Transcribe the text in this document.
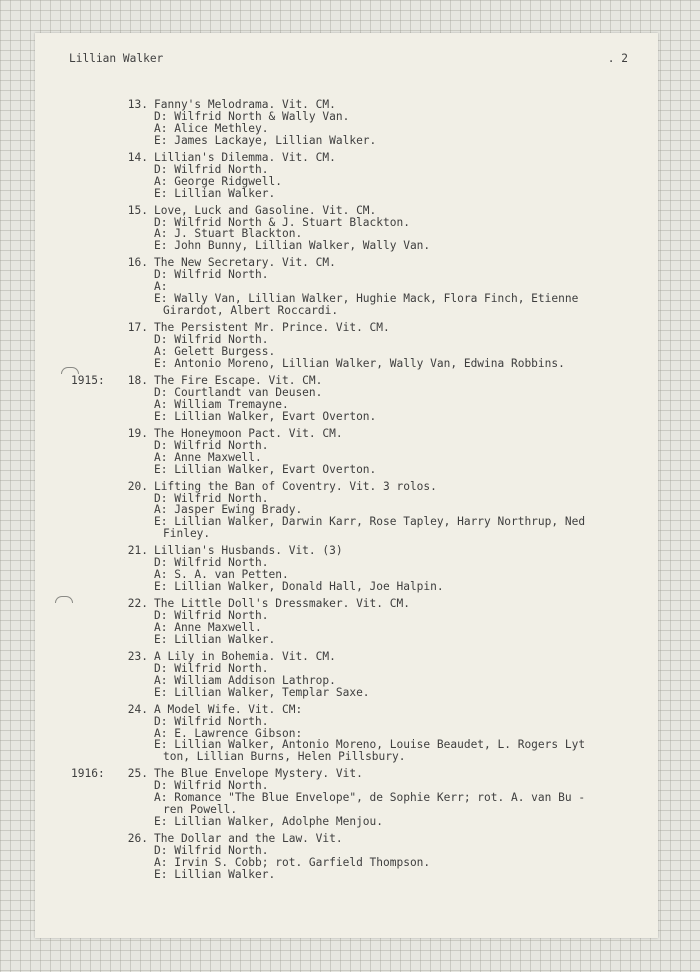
Lillian Walker	. 2
13. Fanny's Melodrama. Vit. CM.
D: Wilfrid North & Wally Van.
A: Alice Methley.
E: James Lackaye, Lillian Walker.
14. Lillian's Dilemma. Vit. CM.
D: Wilfrid North.
A: George Ridgwell.
E: Lillian Walker.
15. Love, Luck and Gasoline. Vit. CM.
D: Wilfrid North & J. Stuart Blackton.
A: J. Stuart Blackton.
E: John Bunny, Lillian Walker, Wally Van.
16. The New Secretary. Vit. CM.
D: Wilfrid North.
A:
E: Wally Van, Lillian Walker, Hughie Mack, Flora Finch, Etienne
Girardot, Albert Roccardi.
17. The Persistent Mr. Prince. Vit. CM.
D: Wilfrid North.
A: Gelett Burgess.
E: Antonio Moreno, Lillian Walker, Wally Van, Edwina Robbins.
1915:	18. The Fire Escape. Vit. CM.
D: Courtlandt van Deusen.
A: William Tremayne.
E: Lillian Walker, Evart Overton.
19. The Honeymoon Pact. Vit. CM.
D: Wilfrid North.
A: Anne Maxwell.
E: Lillian Walker, Evart Overton.
20. Lifting the Ban of Coventry. Vit. 3 rolos.
D: Wilfrid North.
A: Jasper Ewing Brady.
E: Lillian Walker, Darwin Karr, Rose Tapley, Harry Northrup, Ned
Finley.
21. Lillian's Husbands. Vit. (3)
D: Wilfrid North.
A: S. A. van Petten.
E: Lillian Walker, Donald Hall, Joe Halpin.
22. The Little Doll's Dressmaker. Vit. CM.
D: Wilfrid North.
A: Anne Maxwell.
E: Lillian Walker.
23. A Lily in Bohemia. Vit. CM.
D: Wilfrid North.
A: William Addison Lathrop.
E: Lillian Walker, Templar Saxe.
24. A Model Wife. Vit. CM:
D: Wilfrid North.
A: E. Lawrence Gibson:
E: Lillian Walker, Antonio Moreno, Louise Beaudet, L. Rogers Lyt
ton, Lillian Burns, Helen Pillsbury.
1916:	25. The Blue Envelope Mystery. Vit.
D: Wilfrid North.
A: Romance "The Blue Envelope", de Sophie Kerr; rot. A. van Bu -
ren Powell.
E: Lillian Walker, Adolphe Menjou.
26. The Dollar and the Law. Vit.
D: Wilfrid North.
A: Irvin S. Cobb; rot. Garfield Thompson.
E: Lillian Walker.
